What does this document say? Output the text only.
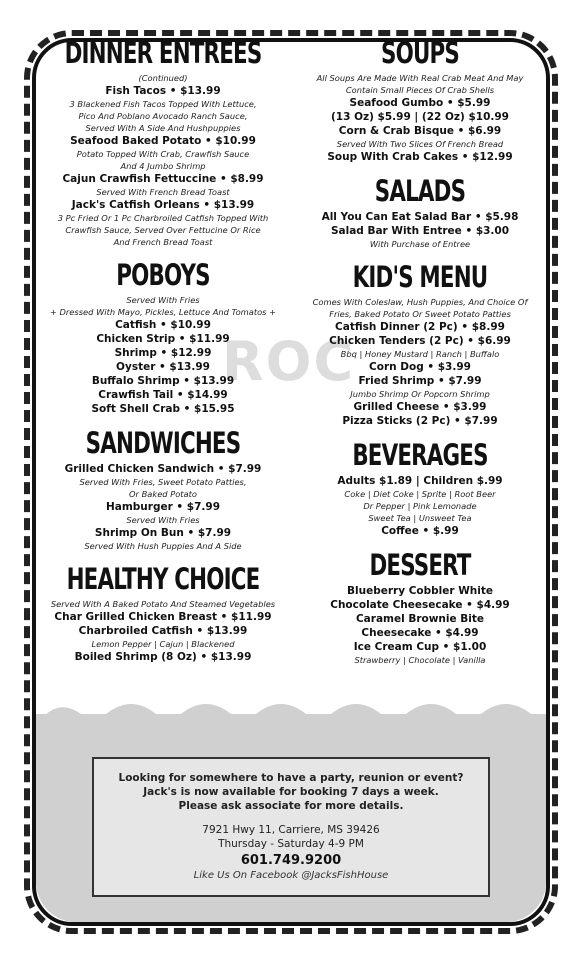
ROC
DINNER ENTREES
(Continued)
Fish Tacos • $13.99
3 Blackened Fish Tacos Topped With Lettuce,
Pico And Poblano Avocado Ranch Sauce,
Served With A Side And Hushpuppies
Seafood Baked Potato • $10.99
Potato Topped With Crab, Crawfish Sauce
And 4 Jumbo Shrimp
Cajun Crawfish Fettuccine • $8.99
Served With French Bread Toast
Jack's Catfish Orleans • $13.99
3 Pc Fried Or 1 Pc Charbroiled Catfish Topped With
Crawfish Sauce, Served Over Fettucine Or Rice
And French Bread Toast
POBOYS
Served With Fries
+ Dressed With Mayo, Pickles, Lettuce And Tomatos +
Catfish • $10.99
Chicken Strip • $11.99
Shrimp • $12.99
Oyster • $13.99
Buffalo Shrimp • $13.99
Crawfish Tail • $14.99
Soft Shell Crab • $15.95
SANDWICHES
Grilled Chicken Sandwich • $7.99
Served With Fries, Sweet Potato Patties,
Or Baked Potato
Hamburger • $7.99
Served With Fries
Shrimp On Bun • $7.99
Served With Hush Puppies And A Side
HEALTHY CHOICE
Served With A Baked Potato And Steamed Vegetables
Char Grilled Chicken Breast • $11.99
Charbroiled Catfish • $13.99
Lemon Pepper | Cajun | Blackened
Boiled Shrimp (8 Oz) • $13.99
SOUPS
All Soups Are Made With Real Crab Meat And May
Contain Small Pieces Of Crab Shells
Seafood Gumbo • $5.99
(13 Oz) $5.99 | (22 Oz) $10.99
Corn & Crab Bisque • $6.99
Served With Two Slices Of French Bread
Soup With Crab Cakes • $12.99
SALADS
All You Can Eat Salad Bar • $5.98
Salad Bar With Entree • $3.00
With Purchase of Entree
KID'S MENU
Comes With Coleslaw, Hush Puppies, And Choice Of
Fries, Baked Potato Or Sweet Potato Patties
Catfish Dinner (2 Pc) • $8.99
Chicken Tenders (2 Pc) • $6.99
Bbq | Honey Mustard | Ranch | Buffalo
Corn Dog • $3.99
Fried Shrimp • $7.99
Jumbo Shrimp Or Popcorn Shrimp
Grilled Cheese • $3.99
Pizza Sticks (2 Pc) • $7.99
BEVERAGES
Adults $1.89 | Children $.99
Coke | Diet Coke | Sprite | Root Beer
Dr Pepper | Pink Lemonade
Sweet Tea | Unsweet Tea
Coffee • $.99
DESSERT
Blueberry Cobbler White
Chocolate Cheesecake • $4.99
Caramel Brownie Bite
Cheesecake • $4.99
Ice Cream Cup • $1.00
Strawberry | Chocolate | Vanilla
Looking for somewhere to have a party, reunion or event?
Jack's is now available for booking 7 days a week.
Please ask associate for more details.
7921 Hwy 11, Carriere, MS 39426
Thursday - Saturday 4-9 PM
601.749.9200
Like Us On Facebook @JacksFishHouse
